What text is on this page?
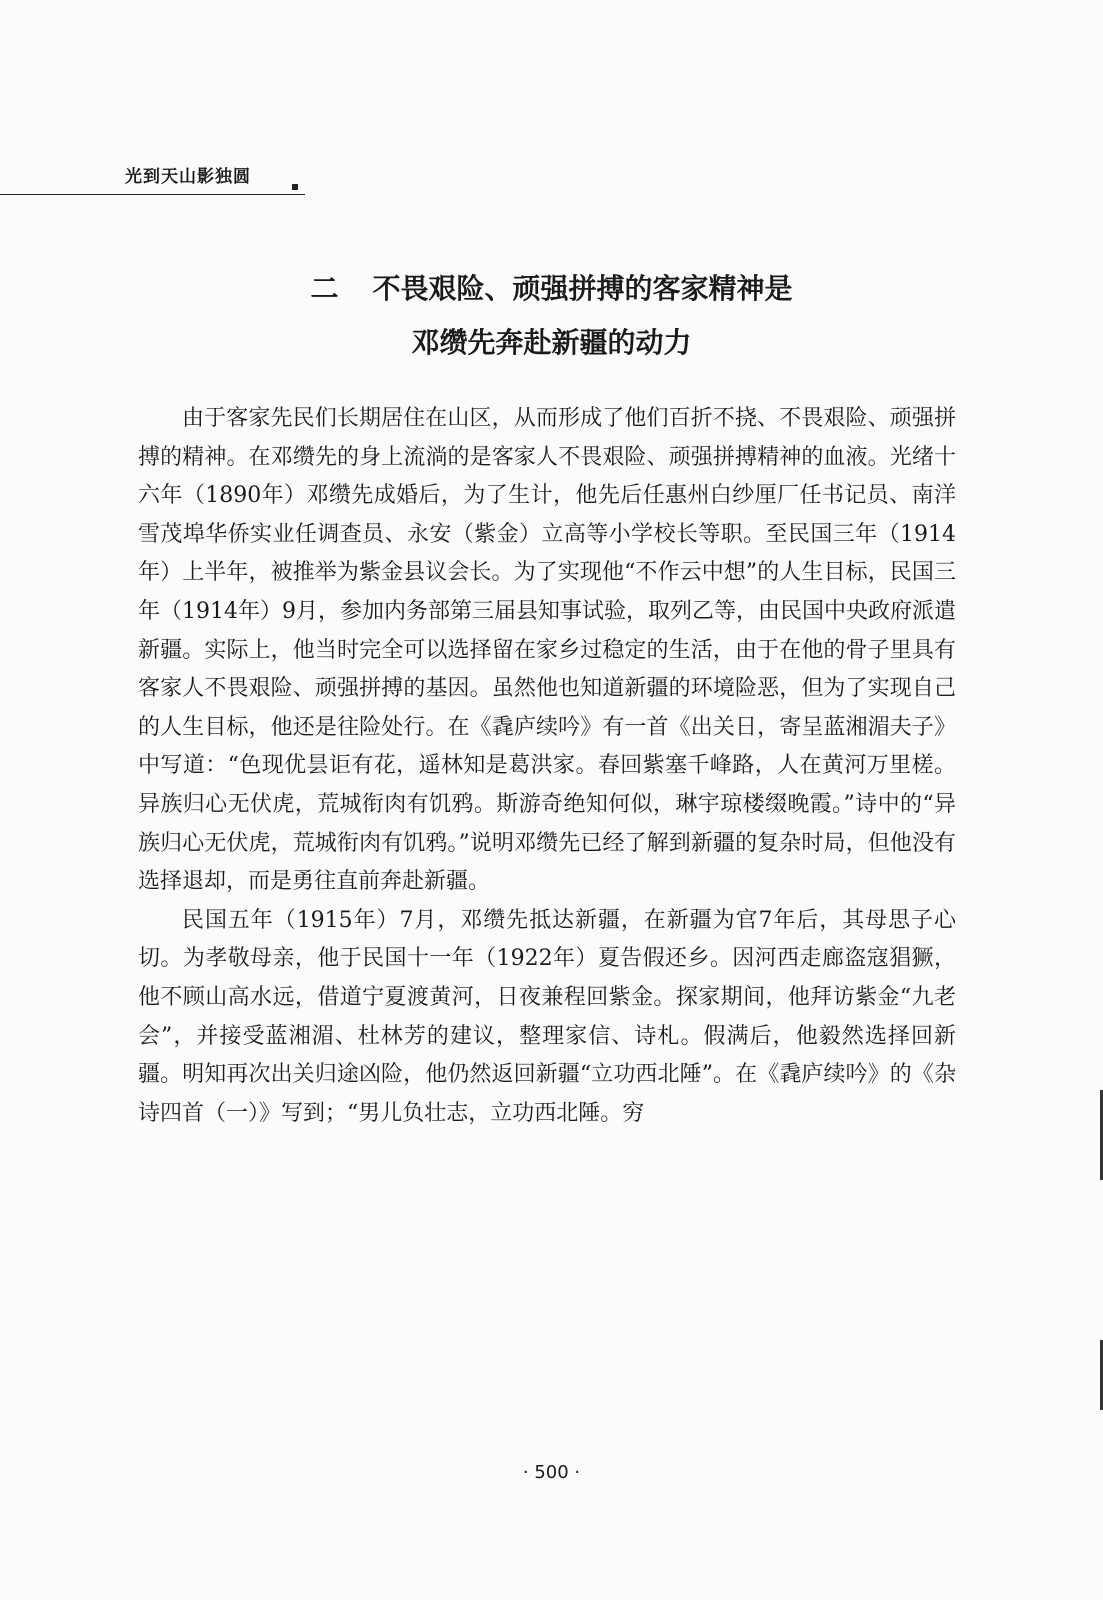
光到天山影独圆
二 不畏艰险、顽强拼搏的客家精神是
邓缵先奔赴新疆的动力

由于客家先民们长期居住在山区，从而形成了他们百折不挠、不畏艰险、顽强拼搏的精神。在邓缵先的身上流淌的是客家人不畏艰险、顽强拼搏精神的血液。光绪十六年（1890年）邓缵先成婚后，为了生计，他先后任惠州白纱厘厂任书记员、南洋雪茂埠华侨实业任调查员、永安（紫金）立高等小学校长等职。至民国三年（1914年）上半年，被推举为紫金县议会长。为了实现他“不作云中想”的人生目标，民国三年（1914年）9月，参加内务部第三届县知事试验，取列乙等，由民国中央政府派遣新疆。实际上，他当时完全可以选择留在家乡过稳定的生活，由于在他的骨子里具有客家人不畏艰险、顽强拼搏的基因。虽然他也知道新疆的环境险恶，但为了实现自己的人生目标，他还是往险处行。在《毳庐续吟》有一首《出关日，寄呈蓝湘湄夫子》中写道：“色现优昙讵有花，遥林知是葛洪家。春回紫塞千峰路，人在黄河万里槎。异族归心无伏虎，荒城衔肉有饥鸦。斯游奇绝知何似，琳宇琼楼缀晚霞。”诗中的“异族归心无伏虎，荒城衔肉有饥鸦。”说明邓缵先已经了解到新疆的复杂时局，但他没有选择退却，而是勇往直前奔赴新疆。

民国五年（1915年）7月，邓缵先抵达新疆，在新疆为官7年后，其母思子心切。为孝敬母亲，他于民国十一年（1922年）夏告假还乡。因河西走廊盗寇猖獗，他不顾山高水远，借道宁夏渡黄河，日夜兼程回紫金。探家期间，他拜访紫金“九老会”，并接受蓝湘湄、杜林芳的建议，整理家信、诗札。假满后，他毅然选择回新疆。明知再次出关归途凶险，他仍然返回新疆“立功西北陲”。在《毳庐续吟》的《杂诗四首（一）》写到；“男儿负壮志，立功西北陲。穷

· 500 ·
